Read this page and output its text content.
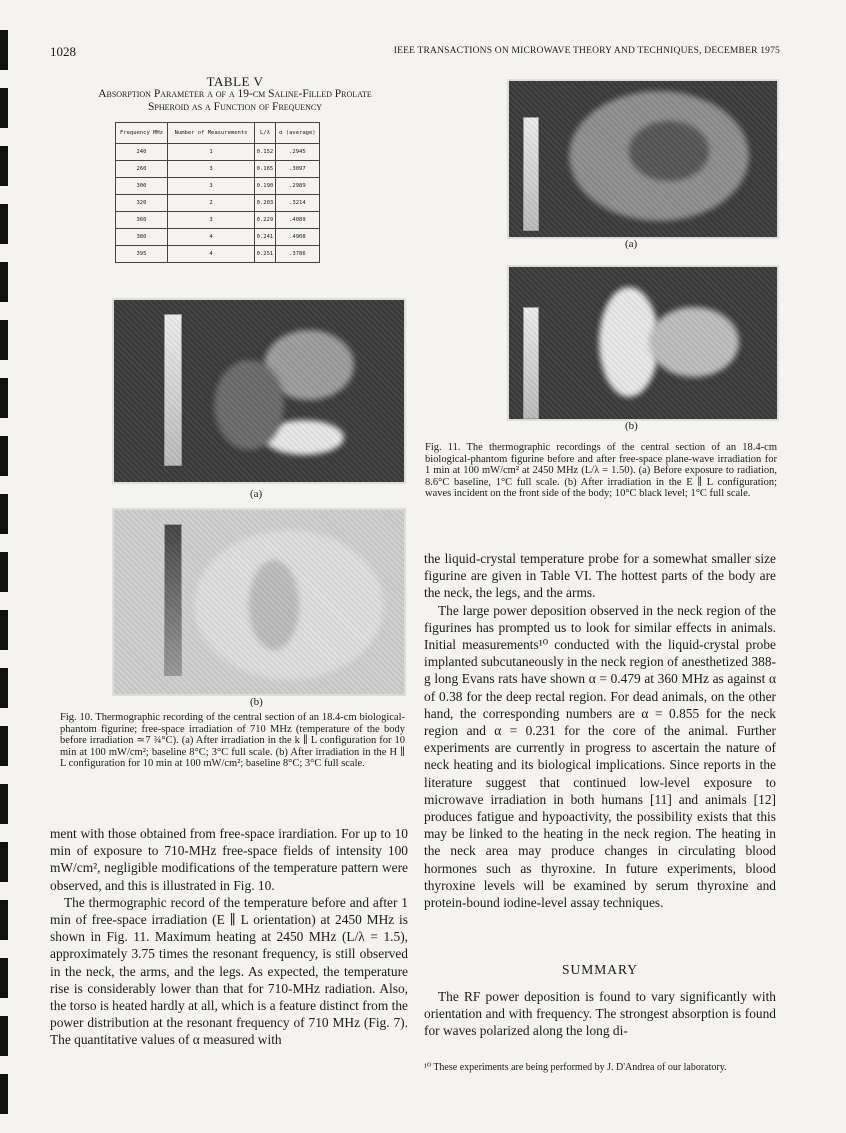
1028	IEEE TRANSACTIONS ON MICROWAVE THEORY AND TECHNIQUES, DECEMBER 1975
TABLE V
Absorption Parameter α of a 19-cm Saline-Filled Prolate
Spheroid as a Function of Frequency
Frequency MHz	Number of Measurements	L/λ	α (average)
240	1	0.152	.2945
260	3	0.165	.3097
300	3	0.190	.2989
320	2	0.203	.3214
360	3	0.229	.4089
380	4	0.241	.4908
395	4	0.251	.3786
(a)
(b)
Fig. 10. Thermographic recording of the central section of an 18.4-cm biological-phantom figurine; free-space irradiation of 710 MHz (temperature of the body before irradiation ≃7 ¾°C). (a) After irradiation in the k ∥ L configuration for 10 min at 100 mW/cm²; baseline 8°C; 3°C full scale. (b) After irradiation in the H ∥ L configuration for 10 min at 100 mW/cm²; baseline 8°C; 3°C full scale.
(a)
(b)
Fig. 11. The thermographic recordings of the central section of an 18.4-cm biological-phantom figurine before and after free-space plane-wave irradiation for 1 min at 100 mW/cm² at 2450 MHz (L/λ = 1.50). (a) Before exposure to radiation, 8.6°C baseline, 1°C full scale. (b) After irradiation in the E ∥ L configuration; waves incident on the front side of the body; 10°C black level; 1°C full scale.

ment with those obtained from free-space irardiation. For up to 10 min of exposure to 710-MHz free-space fields of intensity 100 mW/cm², negligible modifications of the temperature pattern were observed, and this is illustrated in Fig. 10.

The thermographic record of the temperature before and after 1 min of free-space irradiation (E ∥ L orientation) at 2450 MHz is shown in Fig. 11. Maximum heating at 2450 MHz (L/λ = 1.5), approximately 3.75 times the resonant frequency, is still observed in the neck, the arms, and the legs. As expected, the temperature rise is considerably lower than that for 710-MHz radiation. Also, the torso is heated hardly at all, which is a feature distinct from the power distribution at the resonant frequency of 710 MHz (Fig. 7). The quantitative values of α measured with

the liquid-crystal temperature probe for a somewhat smaller size figurine are given in Table VI. The hottest parts of the body are the neck, the legs, and the arms.

The large power deposition observed in the neck region of the figurines has prompted us to look for similar effects in animals. Initial measurements¹⁰ conducted with the liquid-crystal probe implanted subcutaneously in the neck region of anesthetized 388-g long Evans rats have shown α = 0.479 at 360 MHz as against α of 0.38 for the deep rectal region. For dead animals, on the other hand, the corresponding numbers are α = 0.855 for the neck region and α = 0.231 for the core of the animal. Further experiments are currently in progress to ascertain the nature of neck heating and its biological implications. Since reports in the literature suggest that continued low-level exposure to microwave irradiation in both humans [11] and animals [12] produces fatigue and hypoactivity, the possibility exists that this may be linked to the heating in the neck region. The heating in the neck area may produce changes in circulating blood hormones such as thyroxine. In future experiments, blood thyroxine levels will be examined by serum thyroxine and protein-bound iodine-level assay techniques.

SUMMARY

The RF power deposition is found to vary significantly with orientation and with frequency. The strongest absorption is found for waves polarized along the long di-

¹⁰ These experiments are being performed by J. D'Andrea of our laboratory.
